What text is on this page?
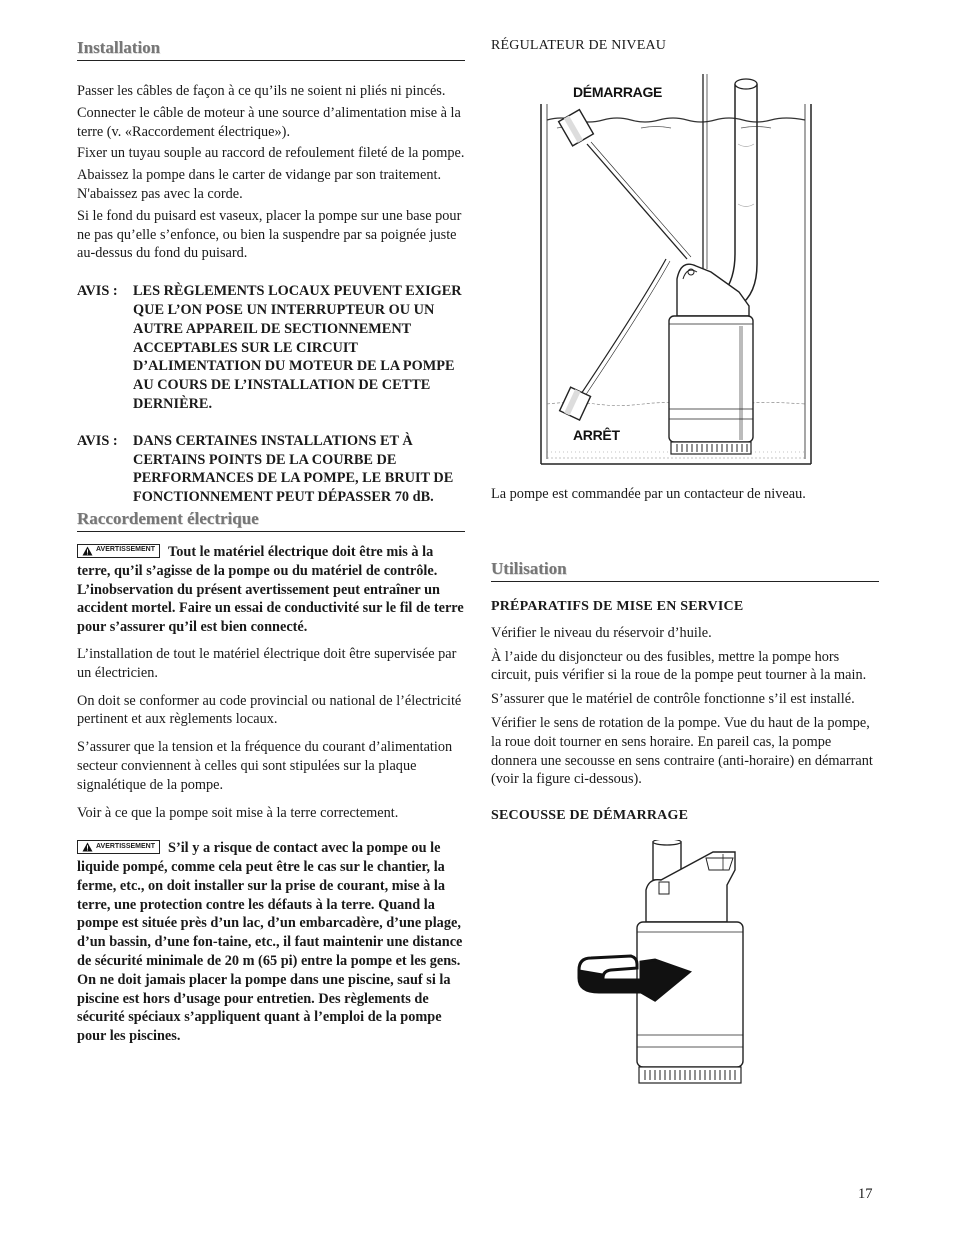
Installation

Passer les câbles de façon à ce qu’ils ne soient ni pliés ni pincés.

Connecter le câble de moteur à une source d’alimentation mise à la terre (v. «Raccordement électrique»).

Fixer un tuyau souple au raccord de refoulement fileté de la pompe.

Abaissez la pompe dans le carter de vidange par son traitement. N'abaissez pas avec la corde.

Si le fond du puisard est vaseux, placer la pompe sur une base pour ne pas qu’elle s’enfonce, ou bien la suspendre par sa poignée juste au-dessus du fond du puisard.

AVIS :	LES RÈGLEMENTS LOCAUX PEUVENT EXIGER QUE L’ON POSE UN INTERRUPTEUR OU UN AUTRE APPAREIL DE SECTIONNEMENT ACCEPTABLES SUR LE CIRCUIT D’ALIMENTATION DU MOTEUR DE LA POMPE AU COURS DE L’INSTALLATION DE CETTE DERNIÈRE.
AVIS :	DANS CERTAINES INSTALLATIONS ET À CERTAINS POINTS DE LA COURBE DE PERFORMANCES DE LA POMPE, LE BRUIT DE FONCTIONNEMENT PEUT DÉPASSER 70 dB.
Raccordement électrique
AVERTISSEMENT Tout le matériel électrique doit être mis à la terre, qu’il s’agisse de la pompe ou du matériel de contrôle. L’inobservation du présent avertissement peut entraîner un accident mortel. Faire un essai de conductivité sur le fil de terre pour s’assurer qu’il est bien connecté.

L’installation de tout le matériel électrique doit être supervisée par un électricien.

On doit se conformer au code provincial ou national de l’électricité pertinent et aux règlements locaux.

S’assurer que la tension et la fréquence du courant d’alimentation secteur conviennent à celles qui sont stipulées sur la plaque signalétique de la pompe.

Voir à ce que la pompe soit mise à la terre correctement.

AVERTISSEMENT S’il y a risque de contact avec la pompe ou le liquide pompé, comme cela peut être le cas sur le chantier, la ferme, etc., on doit installer sur la prise de courant, mise à la terre, une protection contre les défauts à la terre. Quand la pompe est située près d’un lac, d’un embarcadère, d’une plage, d’un bassin, d’une fon-taine, etc., il faut maintenir une distance de sécurité minimale de 20 m (65 pi) entre la pompe et les gens. On ne doit jamais placer la pompe dans une piscine, sauf si la piscine est hors d’usage pour entretien. Des règlements de sécurité spéciaux s’appliquent quant à l’emploi de la pompe pour les piscines.
RÉGULATEUR DE NIVEAU
DÉMARRAGE
ARRÊT

La pompe est commandée par un contacteur de niveau.

Utilisation
PRÉPARATIFS DE MISE EN SERVICE

Vérifier le niveau du réservoir d’huile.

À l’aide du disjoncteur ou des fusibles, mettre la pompe hors circuit, puis vérifier si la roue de la pompe peut tourner à la main.

S’assurer que le matériel de contrôle fonctionne s’il est installé.

Vérifier le sens de rotation de la pompe. Vue du haut de la pompe, la roue doit tourner en sens horaire. En pareil cas, la pompe donnera une secousse en sens contraire (anti-horaire) en démarrant (voir la figure ci-dessous).

SECOUSSE DE DÉMARRAGE
17
